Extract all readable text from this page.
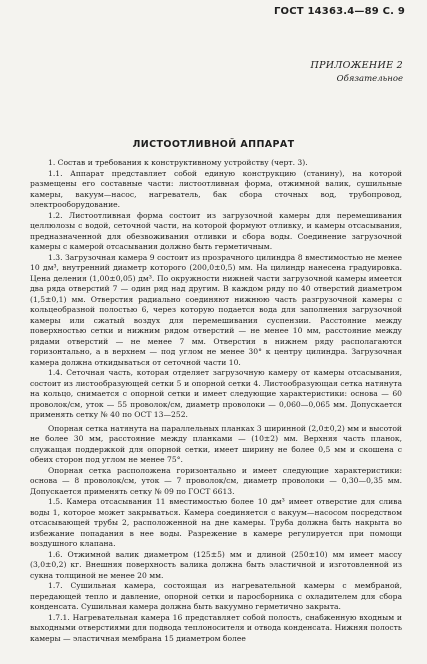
ГОСТ 14363.4—89 С. 9
ПРИЛОЖЕНИЕ 2
Обязательное
ЛИСТООТЛИВНОЙ АППАРАТ

1. Состав и требования к конструктивному устройству (черт. 3).

1.1. Аппарат представляет собой единую конструкцию (станину), на которой размещены его составные части: листоотливная форма, отжимной валик, сушильные камеры, вакуум—насос, нагреватель, бак сбора сточных вод, трубопровод, электрооборудование.

1.2. Листоотливная форма состоит из загрузочной камеры для перемешивания целлюлозы с водой, сеточной части, на которой формуют отливку, и камеры отсасывания, предназначенной для обезвоживания отливки и сбора воды. Соединение загрузочной камеры с камерой отсасывания должно быть герметичным.

1.3. Загрузочная камера 9 состоит из прозрачного цилиндра 8 вместимостью не менее 10 дм³, внутренний диаметр которого (200,0±0,5) мм. На цилиндр нанесена градуировка. Цена деления (1,00±0,05) дм³. По окружности нижней части загрузочной камеры имеется два ряда отверстий 7 — один ряд над другим. В каждом ряду по 40 отверстий диаметром (1,5±0,1) мм. Отверстия радиально соединяют нижнюю часть разгрузочной камеры с кольцеобразной полостью 6, через которую подается вода для заполнения загрузочной камеры или сжатый воздух для перемешивания суспензии. Расстояние между поверхностью сетки и нижним рядом отверстий — не менее 10 мм, расстояние между рядами отверстий — не менее 7 мм. Отверстия в нижнем ряду располагаются горизонтально, а в верхнем — под углом не менее 30° к центру цилиндра. Загрузочная камера должна откидываться от сеточной части 10.

1.4. Сеточная часть, которая отделяет загрузочную камеру от камеры отсасывания, состоит из листообразующей сетки 5 и опорной сетки 4. Листообразующая сетка натянута на кольцо, снимается с опорной сетки и имеет следующие характеристики: основа — 60 проволок/см, уток — 55 проволок/см, диаметр проволоки — 0,060—0,065 мм. Допускается применять сетку № 40 по ОСТ 13—252.

Опорная сетка натянута на параллельных планках 3 ширинной (2,0±0,2) мм и высотой не более 30 мм, расстояние между планками — (10±2) мм. Верхняя часть планок, служащая поддержкой для опорной сетки, имеет ширину не более 0,5 мм и скошена с обеих сторон под углом не менее 75°.

Опорная сетка расположена горизонтально и имеет следующие характеристики: основа — 8 проволок/см, уток — 7 проволок/см, диаметр проволоки — 0,30—0,35 мм. Допускается применять сетку № 09 по ГОСТ 6613.

1.5. Камера отсасывания 11 вместимостью более 10 дм³ имеет отверстие для слива воды 1, которое может закрываться. Камера соединяется с вакуум—насосом посредством отсасывающей трубы 2, расположенной на дне камеры. Труба должна быть накрыта во избежание попадания в нее воды. Разрежение в камере регулируется при помощи воздушного клапана.

1.6. Отжимной валик диаметром (125±5) мм и длиной (250±10) мм имеет массу (3,0±0,2) кг. Внешняя поверхность валика должна быть эластичной и изготовленной из сукна толщиной не менее 20 мм.

1.7. Сушильная камера, состоящая из нагревательной камеры с мембраной, передающей тепло и давление, опорной сетки и паросборника с охладителем для сбора конденсата. Сушильная камера должна быть вакуумно герметично закрыта.

1.7.1. Нагревательная камера 16 представляет собой полость, снабженную входным и выходными отверстиями для подвода теплоносителя и отвода конденсата. Нижняя полость камеры — эластичная мембрана 15 диаметром более
